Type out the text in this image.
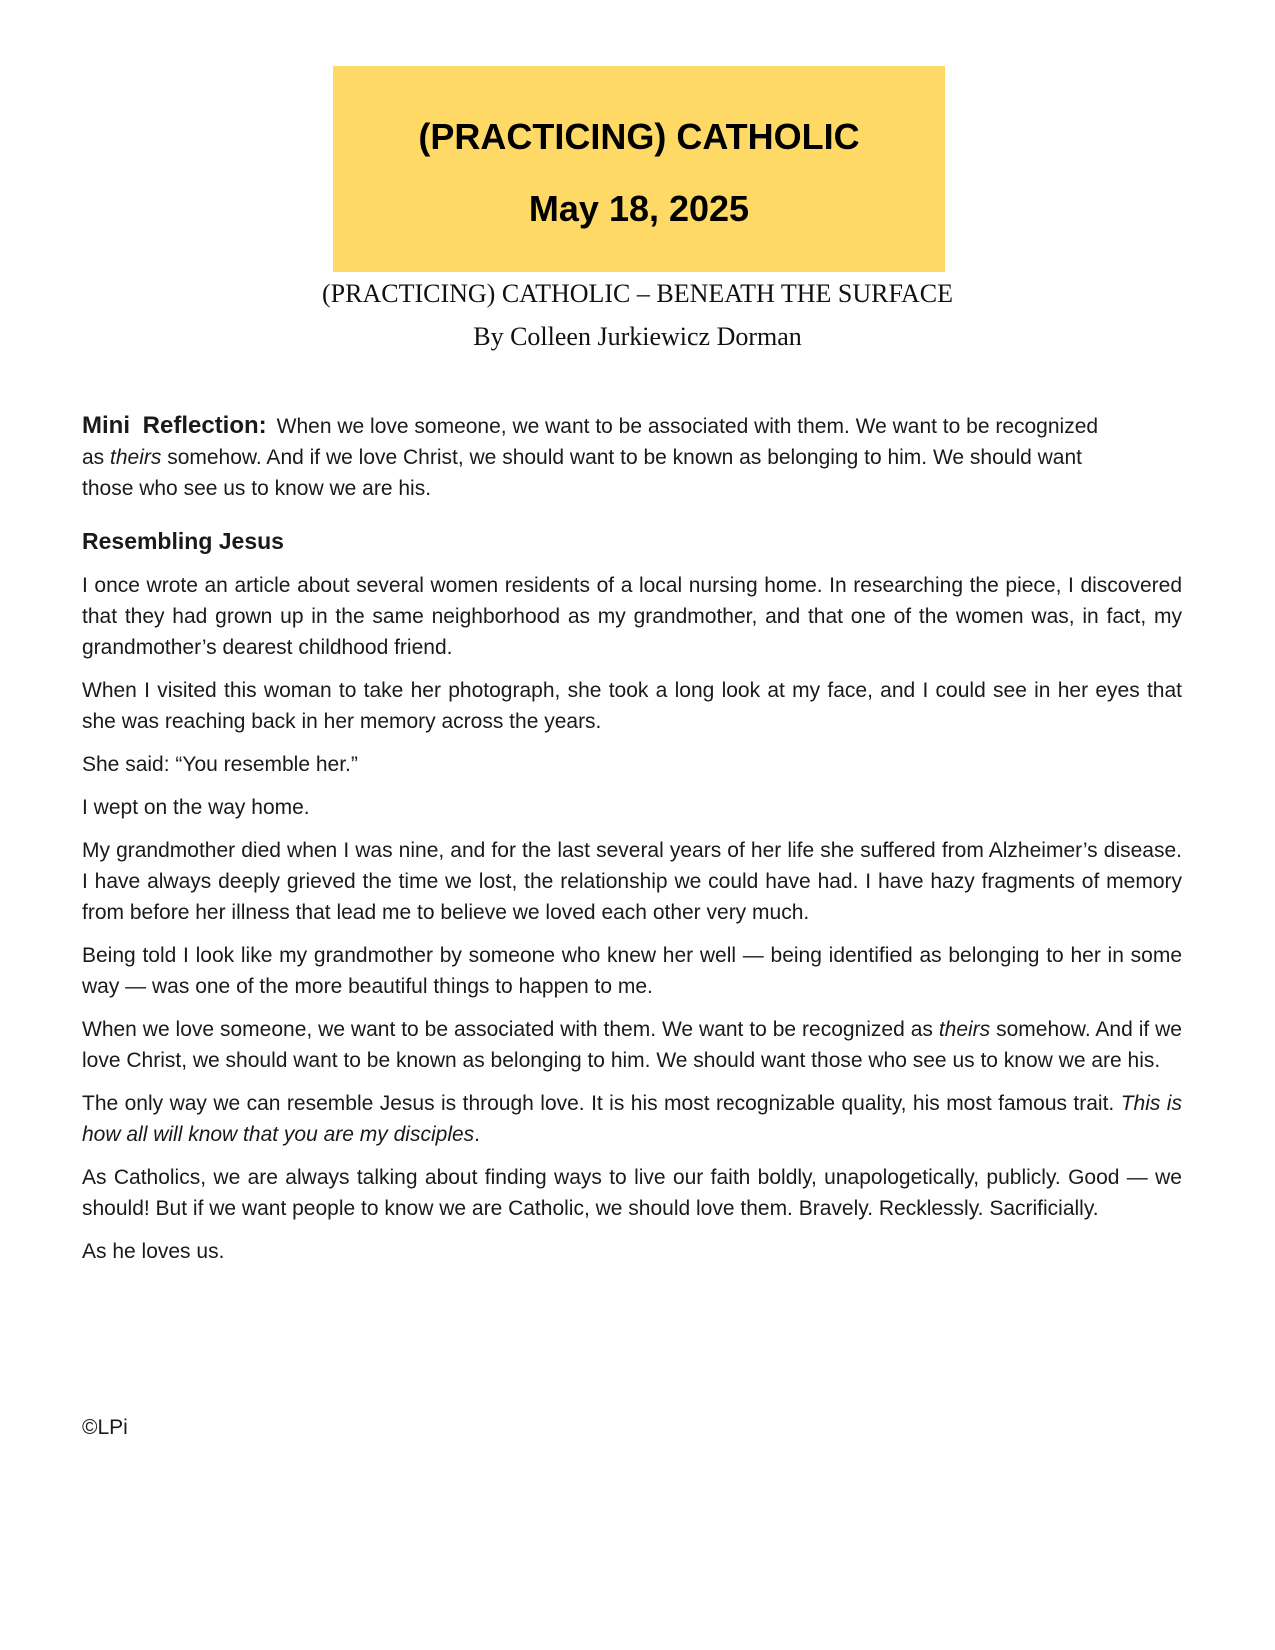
(PRACTICING) CATHOLIC
May 18, 2025
(PRACTICING) CATHOLIC – BENEATH THE SURFACE
By Colleen Jurkiewicz Dorman

Mini Reflection: When we love someone, we want to be associated with them. We want to be recognized as theirs somehow. And if we love Christ, we should want to be known as belonging to him. We should want those who see us to know we are his.

Resembling Jesus

I once wrote an article about several women residents of a local nursing home. In researching the piece, I discovered that they had grown up in the same neighborhood as my grandmother, and that one of the women was, in fact, my grandmother’s dearest childhood friend.

When I visited this woman to take her photograph, she took a long look at my face, and I could see in her eyes that she was reaching back in her memory across the years.

She said: “You resemble her.”

I wept on the way home.

My grandmother died when I was nine, and for the last several years of her life she suffered from Alzheimer’s disease. I have always deeply grieved the time we lost, the relationship we could have had. I have hazy fragments of memory from before her illness that lead me to believe we loved each other very much.

Being told I look like my grandmother by someone who knew her well — being identified as belonging to her in some way — was one of the more beautiful things to happen to me.

When we love someone, we want to be associated with them. We want to be recognized as theirs somehow. And if we love Christ, we should want to be known as belonging to him. We should want those who see us to know we are his.

The only way we can resemble Jesus is through love. It is his most recognizable quality, his most famous trait. This is how all will know that you are my disciples.

As Catholics, we are always talking about finding ways to live our faith boldly, unapologetically, publicly. Good — we should! But if we want people to know we are Catholic, we should love them. Bravely. Recklessly. Sacrificially.

As he loves us.

©LPi
